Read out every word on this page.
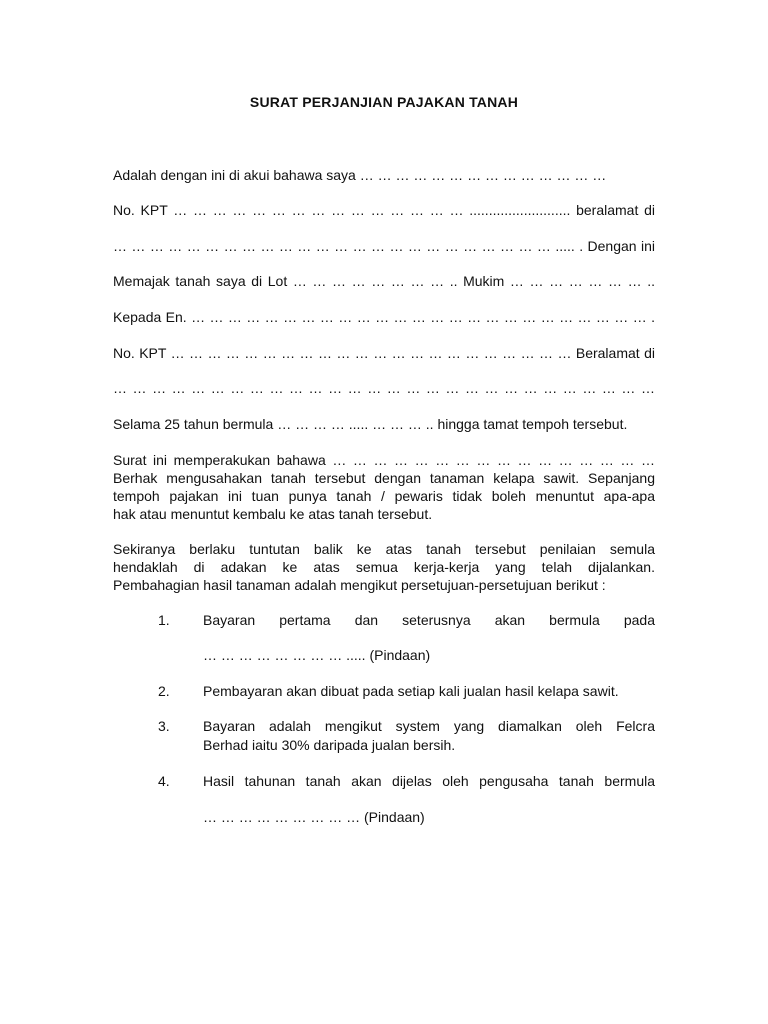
SURAT PERJANJIAN PAJAKAN TANAH
Adalah dengan ini di akui bahawa saya … … … … … … … … … … … … … …
No. KPT … … … … … … … … … … … … … … … .......................... beralamat di
… … … … … … … … … … … … … … … … … … … … … … … … ..... . Dengan ini
Memajak tanah saya di Lot … … … … … … … … .. Mukim … … … … … … … ..
Kepada En. … … … … … … … … … … … … … … … … … … … … … … … … … .
No. KPT … … … … … … … … … … … … … … … … … … … … … … Beralamat di
… … … … … … … … … … … … … … … … … … … … … … … … … … … …
Selama 25 tahun bermula … … … … ..... … … … .. hingga tamat tempoh tersebut.
Surat ini memperakukan bahawa … … … … … … … … … … … … … … … …
Berhak mengusahakan tanah tersebut dengan tanaman kelapa sawit. Sepanjang
tempoh pajakan ini tuan punya tanah / pewaris tidak boleh menuntut apa-apa
hak atau menuntut kembalu ke atas tanah tersebut.
Sekiranya berlaku tuntutan balik ke atas tanah tersebut penilaian semula
hendaklah di adakan ke atas semua kerja-kerja yang telah dijalankan.
Pembahagian hasil tanaman adalah mengikut persetujuan-persetujuan berikut :
1. Bayaran pertama dan seterusnya akan bermula pada
… … … … … … … … ..... (Pindaan)
2. Pembayaran akan dibuat pada setiap kali jualan hasil kelapa sawit.
3. Bayaran adalah mengikut system yang diamalkan oleh Felcra
Berhad iaitu 30% daripada jualan bersih.
4. Hasil tahunan tanah akan dijelas oleh pengusaha tanah bermula
… … … … … … … … … (Pindaan)
